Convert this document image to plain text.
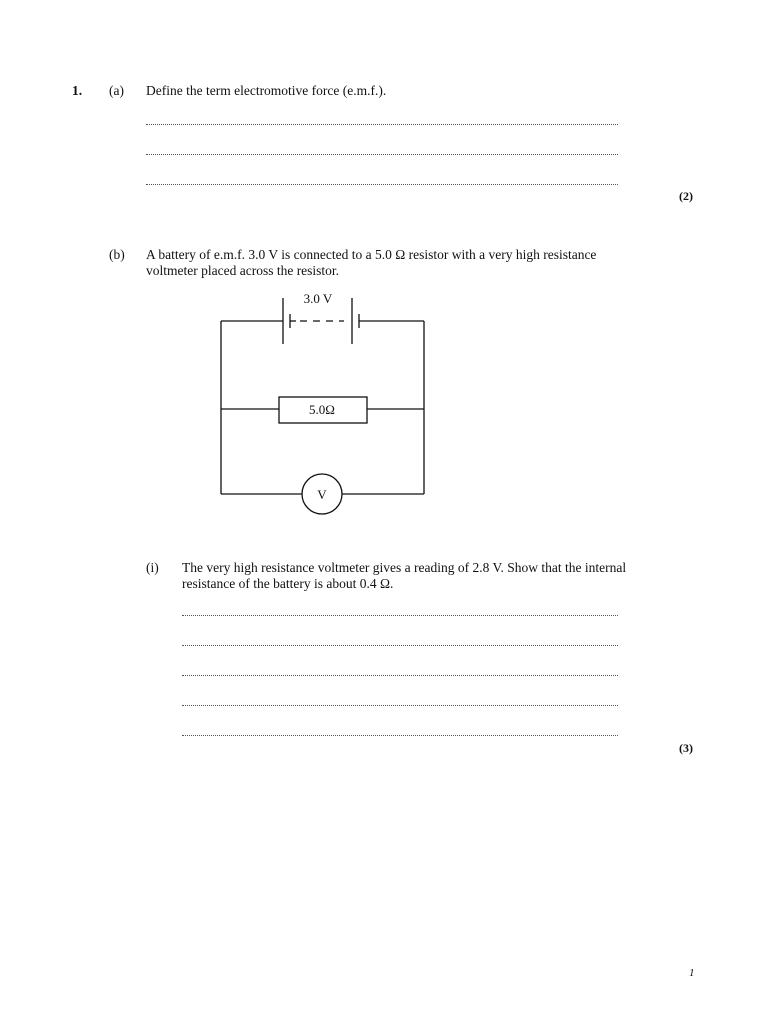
1. (a) Define the term electromotive force (e.m.f.).
(2)
(b) A battery of e.m.f. 3.0 V is connected to a 5.0 Ω resistor with a very high resistance
voltmeter placed across the resistor.
3.0 V
5.0Ω
V
(i) The very high resistance voltmeter gives a reading of 2.8 V. Show that the internal
resistance of the battery is about 0.4 Ω.
(3)
1
